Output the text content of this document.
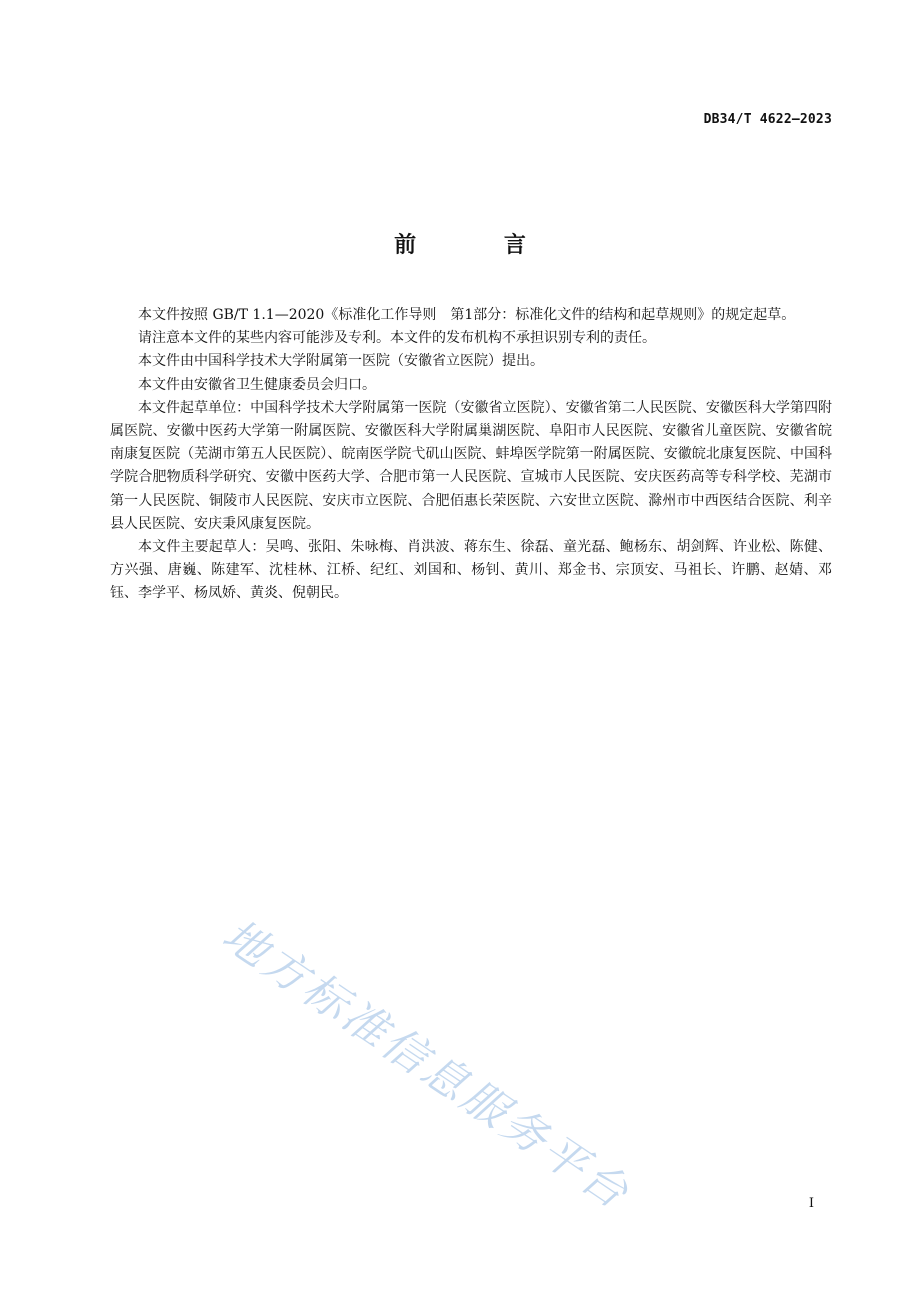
DB34/T 4622—2023
前 言

本文件按照 GB/T 1.1—2020《标准化工作导则　第1部分：标准化文件的结构和起草规则》的规定起草。

请注意本文件的某些内容可能涉及专利。本文件的发布机构不承担识别专利的责任。

本文件由中国科学技术大学附属第一医院（安徽省立医院）提出。

本文件由安徽省卫生健康委员会归口。

本文件起草单位：中国科学技术大学附属第一医院（安徽省立医院）、安徽省第二人民医院、安徽医科大学第四附属医院、安徽中医药大学第一附属医院、安徽医科大学附属巢湖医院、阜阳市人民医院、安徽省儿童医院、安徽省皖南康复医院（芜湖市第五人民医院）、皖南医学院弋矶山医院、蚌埠医学院第一附属医院、安徽皖北康复医院、中国科学院合肥物质科学研究、安徽中医药大学、合肥市第一人民医院、宣城市人民医院、安庆医药高等专科学校、芜湖市第一人民医院、铜陵市人民医院、安庆市立医院、合肥佰惠长荣医院、六安世立医院、滁州市中西医结合医院、利辛县人民医院、安庆秉风康复医院。

本文件主要起草人：吴鸣、张阳、朱咏梅、肖洪波、蒋东生、徐磊、童光磊、鲍杨东、胡剑辉、许业松、陈健、方兴强、唐巍、陈建军、沈桂林、江桥、纪红、刘国和、杨钊、黄川、郑金书、宗顶安、马祖长、许鹏、赵婧、邓钰、李学平、杨凤娇、黄炎、倪朝民。

地方标准信息服务平台	I
